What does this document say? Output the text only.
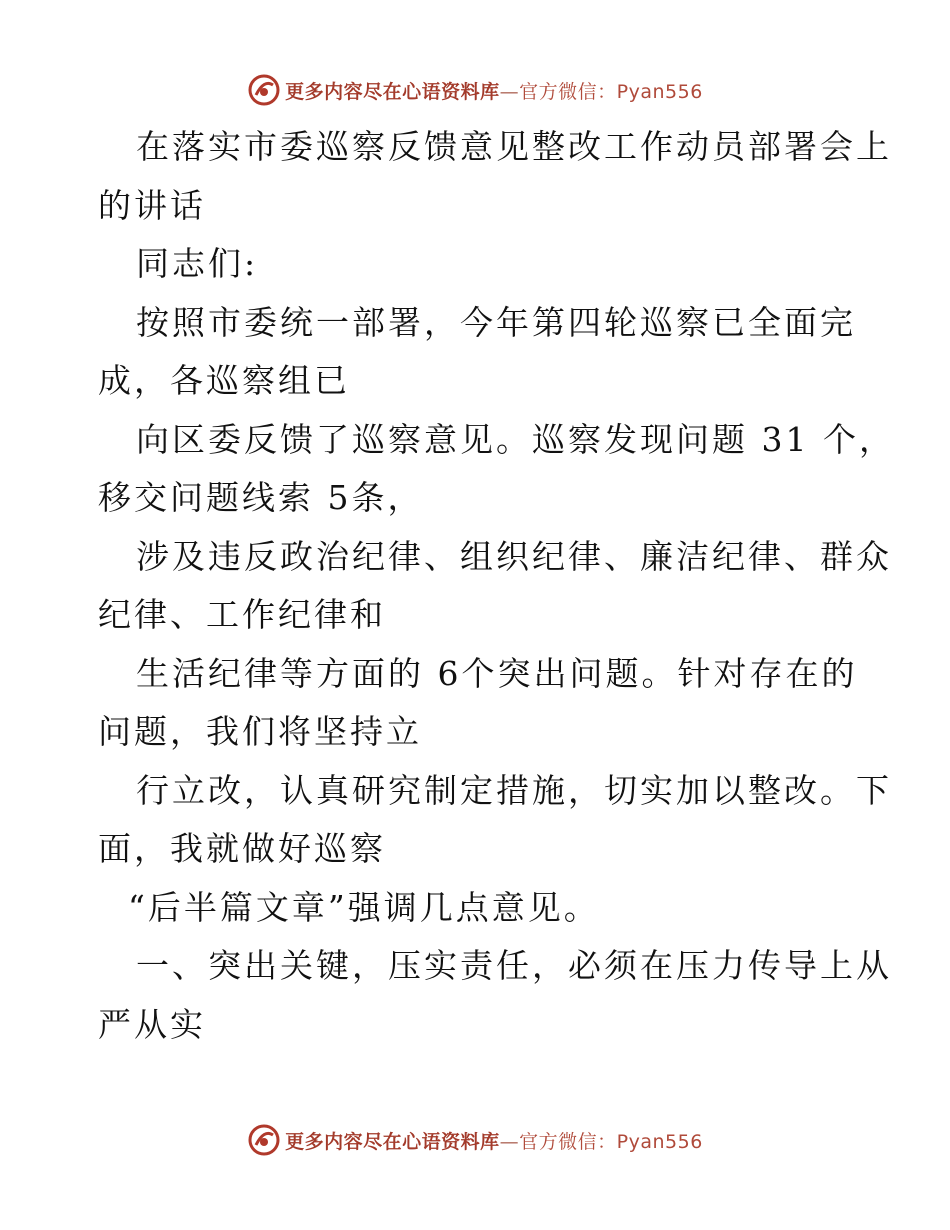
更多内容尽在心语资料库—官方微信：Pyan556
在落实市委巡察反馈意见整改工作动员部署会上
的讲话
同志们:
按照市委统一部署，今年第四轮巡察已全面完
成，各巡察组已
向区委反馈了巡察意见。巡察发现问题 31 个，
移交问题线索 5条，
涉及违反政治纪律、组织纪律、廉洁纪律、群众
纪律、工作纪律和
生活纪律等方面的 6个突出问题。针对存在的
问题，我们将坚持立
行立改，认真研究制定措施，切实加以整改。下
面，我就做好巡察
“后半篇文章”强调几点意见。
一、突出关键，压实责任，必须在压力传导上从
严从实
更多内容尽在心语资料库—官方微信：Pyan556
